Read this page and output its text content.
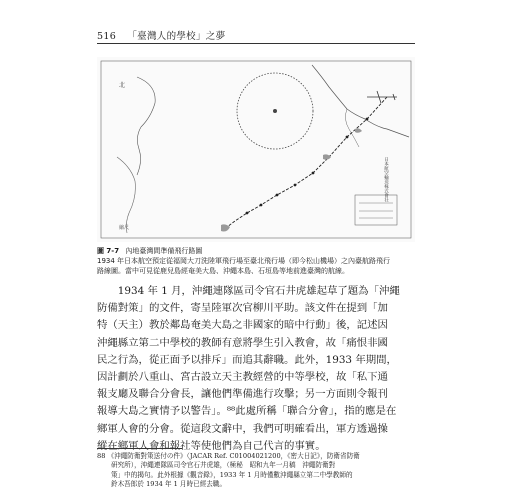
516 「臺灣人的學校」之夢
日本航空輸送株式會社
北
縮尺
圖 7-7 內地臺灣間準備飛行路圖
1934 年日本航空預定從福岡大刀洗陸軍飛行場至臺北飛行場（即今松山機場）之內臺航路飛行
路線圖。當中可見從鹿兒島經奄美大島、沖繩本島、石垣島等地前進臺灣的航線。
1934 年 1 月，沖繩連隊區司令官石井虎雄起草了題為「沖繩
防備對策」的文件，寄呈陸軍次官柳川平助。該文件在提到「加
特（天主）教於鄰島奄美大島之非國家的暗中行動」後，記述因
沖繩縣立第二中學校的教師有意將學生引入教會，故「痛恨非國
民之行為，從正面予以排斥」而追其辭職。此外，1933 年期間，
因計劃於八重山、宮古設立天主教經營的中等學校，故「私下通
報支廳及聯合分會長，讓他們準備進行攻擊；另一方面則令報刊
報導大島之實情予以警告」。⁸⁸此處所稱「聯合分會」，指的應是在
鄉軍人會的分會。從這段文辭中，我們可明確看出，軍方透過操
縱在鄉軍人會和報社等使他們為自己代言的事實。
88 《沖繩防衛對策送付の件》（JACAR Ref. C01004021200，《密大日記》，防衛省防衛
研究所），沖繩連隊區司令官石井虎雄，（極秘　昭和九年一月稿　沖繩防衛對
策」中的揭句。此外根據《觀音錄》，1933 年 1 月時僅數沖繩縣立第二中學教師的
鈴木吾郎於 1934 年 1 月時已經去職。
